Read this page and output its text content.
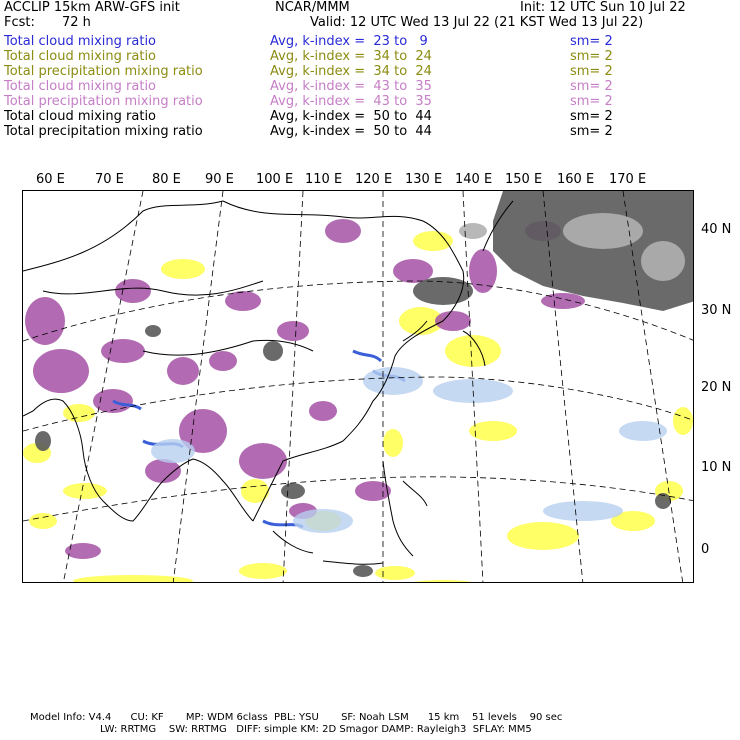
ACCLIP 15km ARW-GFS init	NCAR/MMM	Init: 12 UTC Sun 10 Jul 22
Fcst: 72 h	Valid: 12 UTC Wed 13 Jul 22 (21 KST Wed 13 Jul 22)
Total cloud mixing ratio	Avg, k-index =  23 to   9	sm= 2
Total cloud mixing ratio	Avg, k-index =  34 to  24	sm= 2
Total precipitation mixing ratio	Avg, k-index =  34 to  24	sm= 2
Total cloud mixing ratio	Avg, k-index =  43 to  35	sm= 2
Total precipitation mixing ratio	Avg, k-index =  43 to  35	sm= 2
Total cloud mixing ratio	Avg, k-index =  50 to  44	sm= 2
Total precipitation mixing ratio	Avg, k-index =  50 to  44	sm= 2
60 E 70 E 80 E 90 E 100 E 110 E 120 E 130 E 140 E 150 E 160 E 170 E
40 N
30 N
20 N
10 N
0
Model Info: V4.4      CU: KF       MP: WDM 6class  PBL: YSU       SF: Noah LSM      15 km    51 levels    90 sec
LW: RRTMG    SW: RRTMG   DIFF: simple KM: 2D Smagor DAMP: Rayleigh3  SFLAY: MM5
